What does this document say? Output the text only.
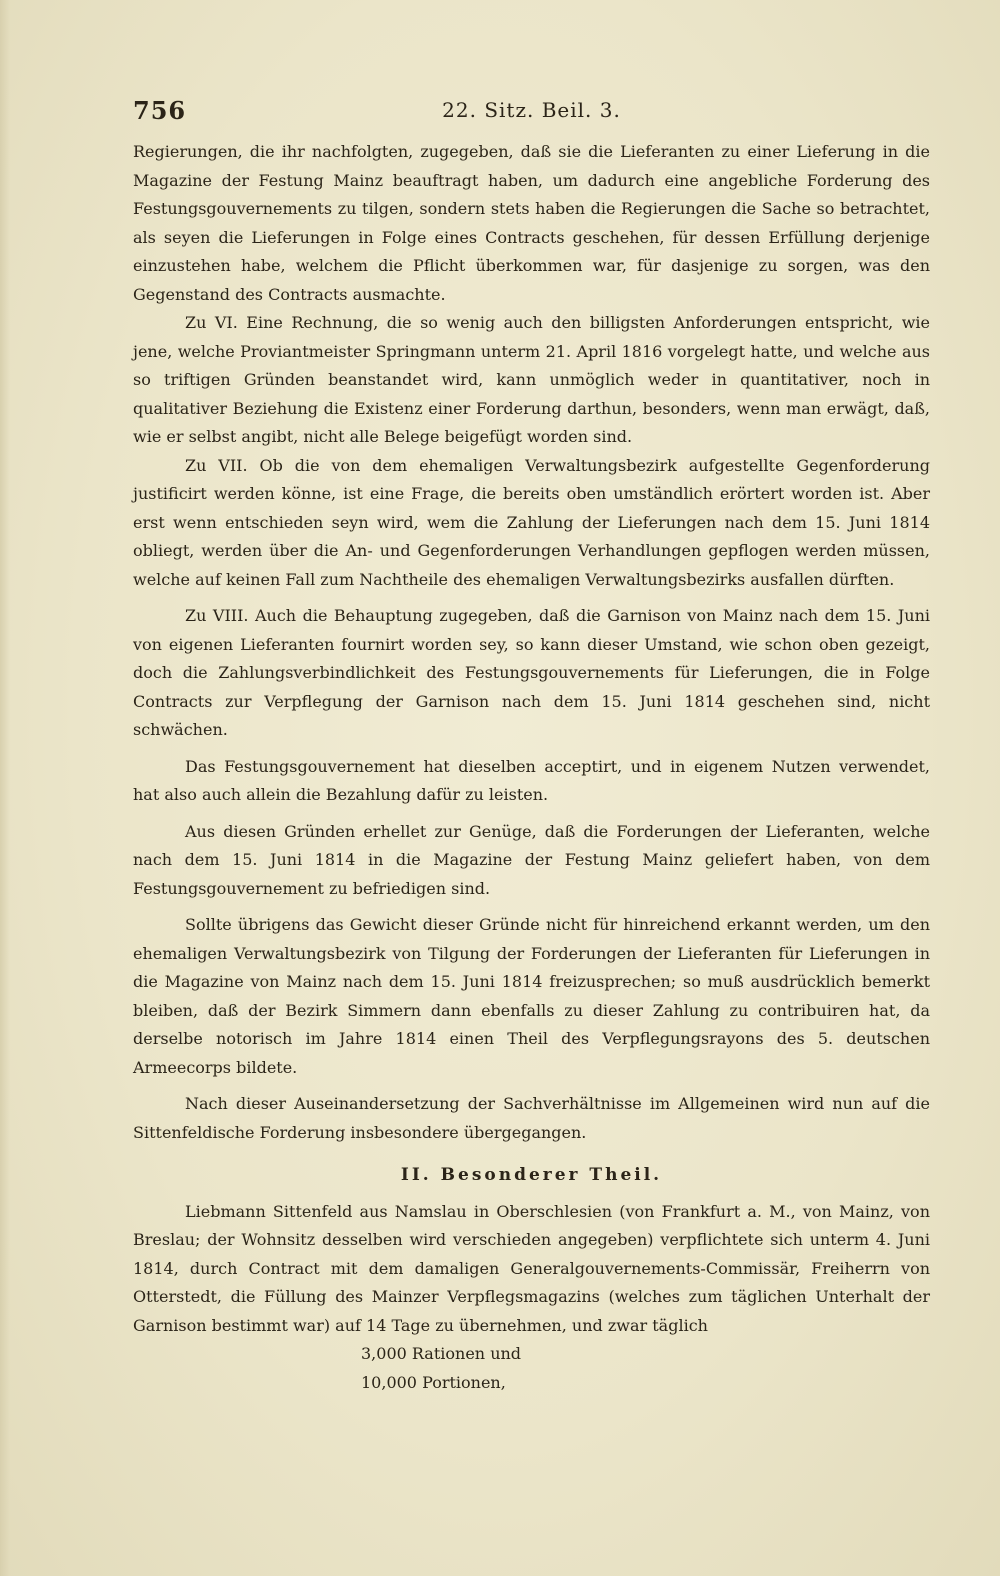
756	22. Sitz. Beil. 3.

Regierungen, die ihr nachfolgten, zugegeben, daß sie die Lieferanten zu einer Lieferung in die Magazine der Festung Mainz beauftragt haben, um dadurch eine angebliche Forderung des Festungsgouvernements zu tilgen, sondern stets haben die Regierungen die Sache so betrachtet, als seyen die Lieferungen in Folge eines Contracts geschehen, für dessen Erfüllung derjenige einzustehen habe, welchem die Pflicht überkommen war, für dasjenige zu sorgen, was den Gegenstand des Contracts ausmachte.

Zu VI. Eine Rechnung, die so wenig auch den billigsten Anforderungen entspricht, wie jene, welche Proviantmeister Springmann unterm 21. April 1816 vorgelegt hatte, und welche aus so triftigen Gründen beanstandet wird, kann unmöglich weder in quantitativer, noch in qualitativer Beziehung die Existenz einer Forderung darthun, besonders, wenn man erwägt, daß, wie er selbst angibt, nicht alle Belege beigefügt worden sind.

Zu VII. Ob die von dem ehemaligen Verwaltungsbezirk aufgestellte Gegenforderung justificirt werden könne, ist eine Frage, die bereits oben umständlich erörtert worden ist. Aber erst wenn entschieden seyn wird, wem die Zahlung der Lieferungen nach dem 15. Juni 1814 obliegt, werden über die An- und Gegenforderungen Verhandlungen gepflogen werden müssen, welche auf keinen Fall zum Nachtheile des ehemaligen Verwaltungsbezirks ausfallen dürften.

Zu VIII. Auch die Behauptung zugegeben, daß die Garnison von Mainz nach dem 15. Juni von eigenen Lieferanten fournirt worden sey, so kann dieser Umstand, wie schon oben gezeigt, doch die Zahlungsverbindlichkeit des Festungsgouvernements für Lieferungen, die in Folge Contracts zur Verpflegung der Garnison nach dem 15. Juni 1814 geschehen sind, nicht schwächen.

Das Festungsgouvernement hat dieselben acceptirt, und in eigenem Nutzen verwendet, hat also auch allein die Bezahlung dafür zu leisten.

Aus diesen Gründen erhellet zur Genüge, daß die Forderungen der Lieferanten, welche nach dem 15. Juni 1814 in die Magazine der Festung Mainz geliefert haben, von dem Festungsgouvernement zu befriedigen sind.

Sollte übrigens das Gewicht dieser Gründe nicht für hinreichend erkannt werden, um den ehemaligen Verwaltungsbezirk von Tilgung der Forderungen der Lieferanten für Lieferungen in die Magazine von Mainz nach dem 15. Juni 1814 freizusprechen; so muß ausdrücklich bemerkt bleiben, daß der Bezirk Simmern dann ebenfalls zu dieser Zahlung zu contribuiren hat, da derselbe notorisch im Jahre 1814 einen Theil des Verpflegungsrayons des 5. deutschen Armeecorps bildete.

Nach dieser Auseinandersetzung der Sachverhältnisse im Allgemeinen wird nun auf die Sittenfeldische Forderung insbesondere übergegangen.

II. Besonderer Theil.

Liebmann Sittenfeld aus Namslau in Oberschlesien (von Frankfurt a. M., von Mainz, von Breslau; der Wohnsitz desselben wird verschieden angegeben) verpflichtete sich unterm 4. Juni 1814, durch Contract mit dem damaligen Generalgouvernements-Commissär, Freiherrn von Otterstedt, die Füllung des Mainzer Verpflegsmagazins (welches zum täglichen Unterhalt der Garnison bestimmt war) auf 14 Tage zu übernehmen, und zwar täglich

3,000 Rationen und

10,000 Portionen,
